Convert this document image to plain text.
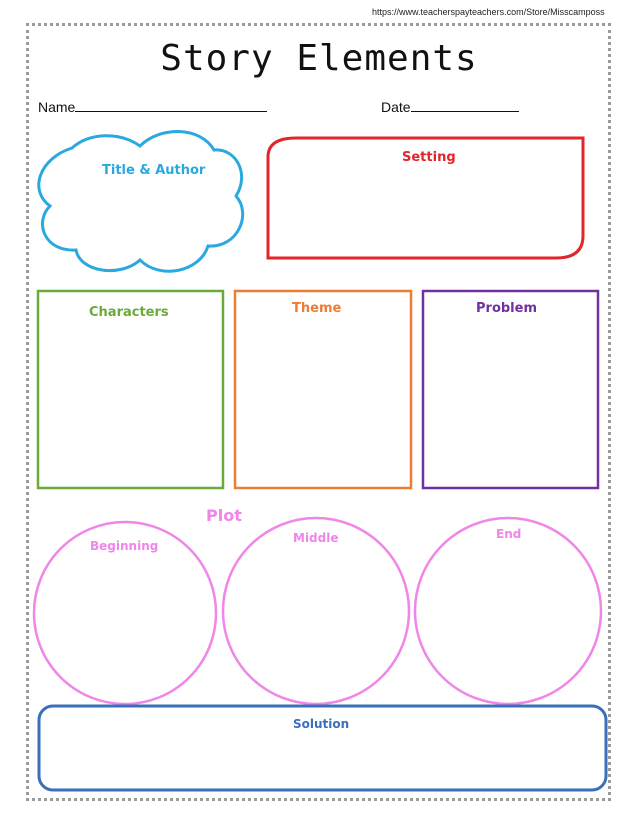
https://www.teacherspayteachers.com/Store/Misscamposs
Story Elements
Name	Date
Title & Author
Setting
Characters	Theme	Problem
Plot
Beginning
Middle	End
Solution
